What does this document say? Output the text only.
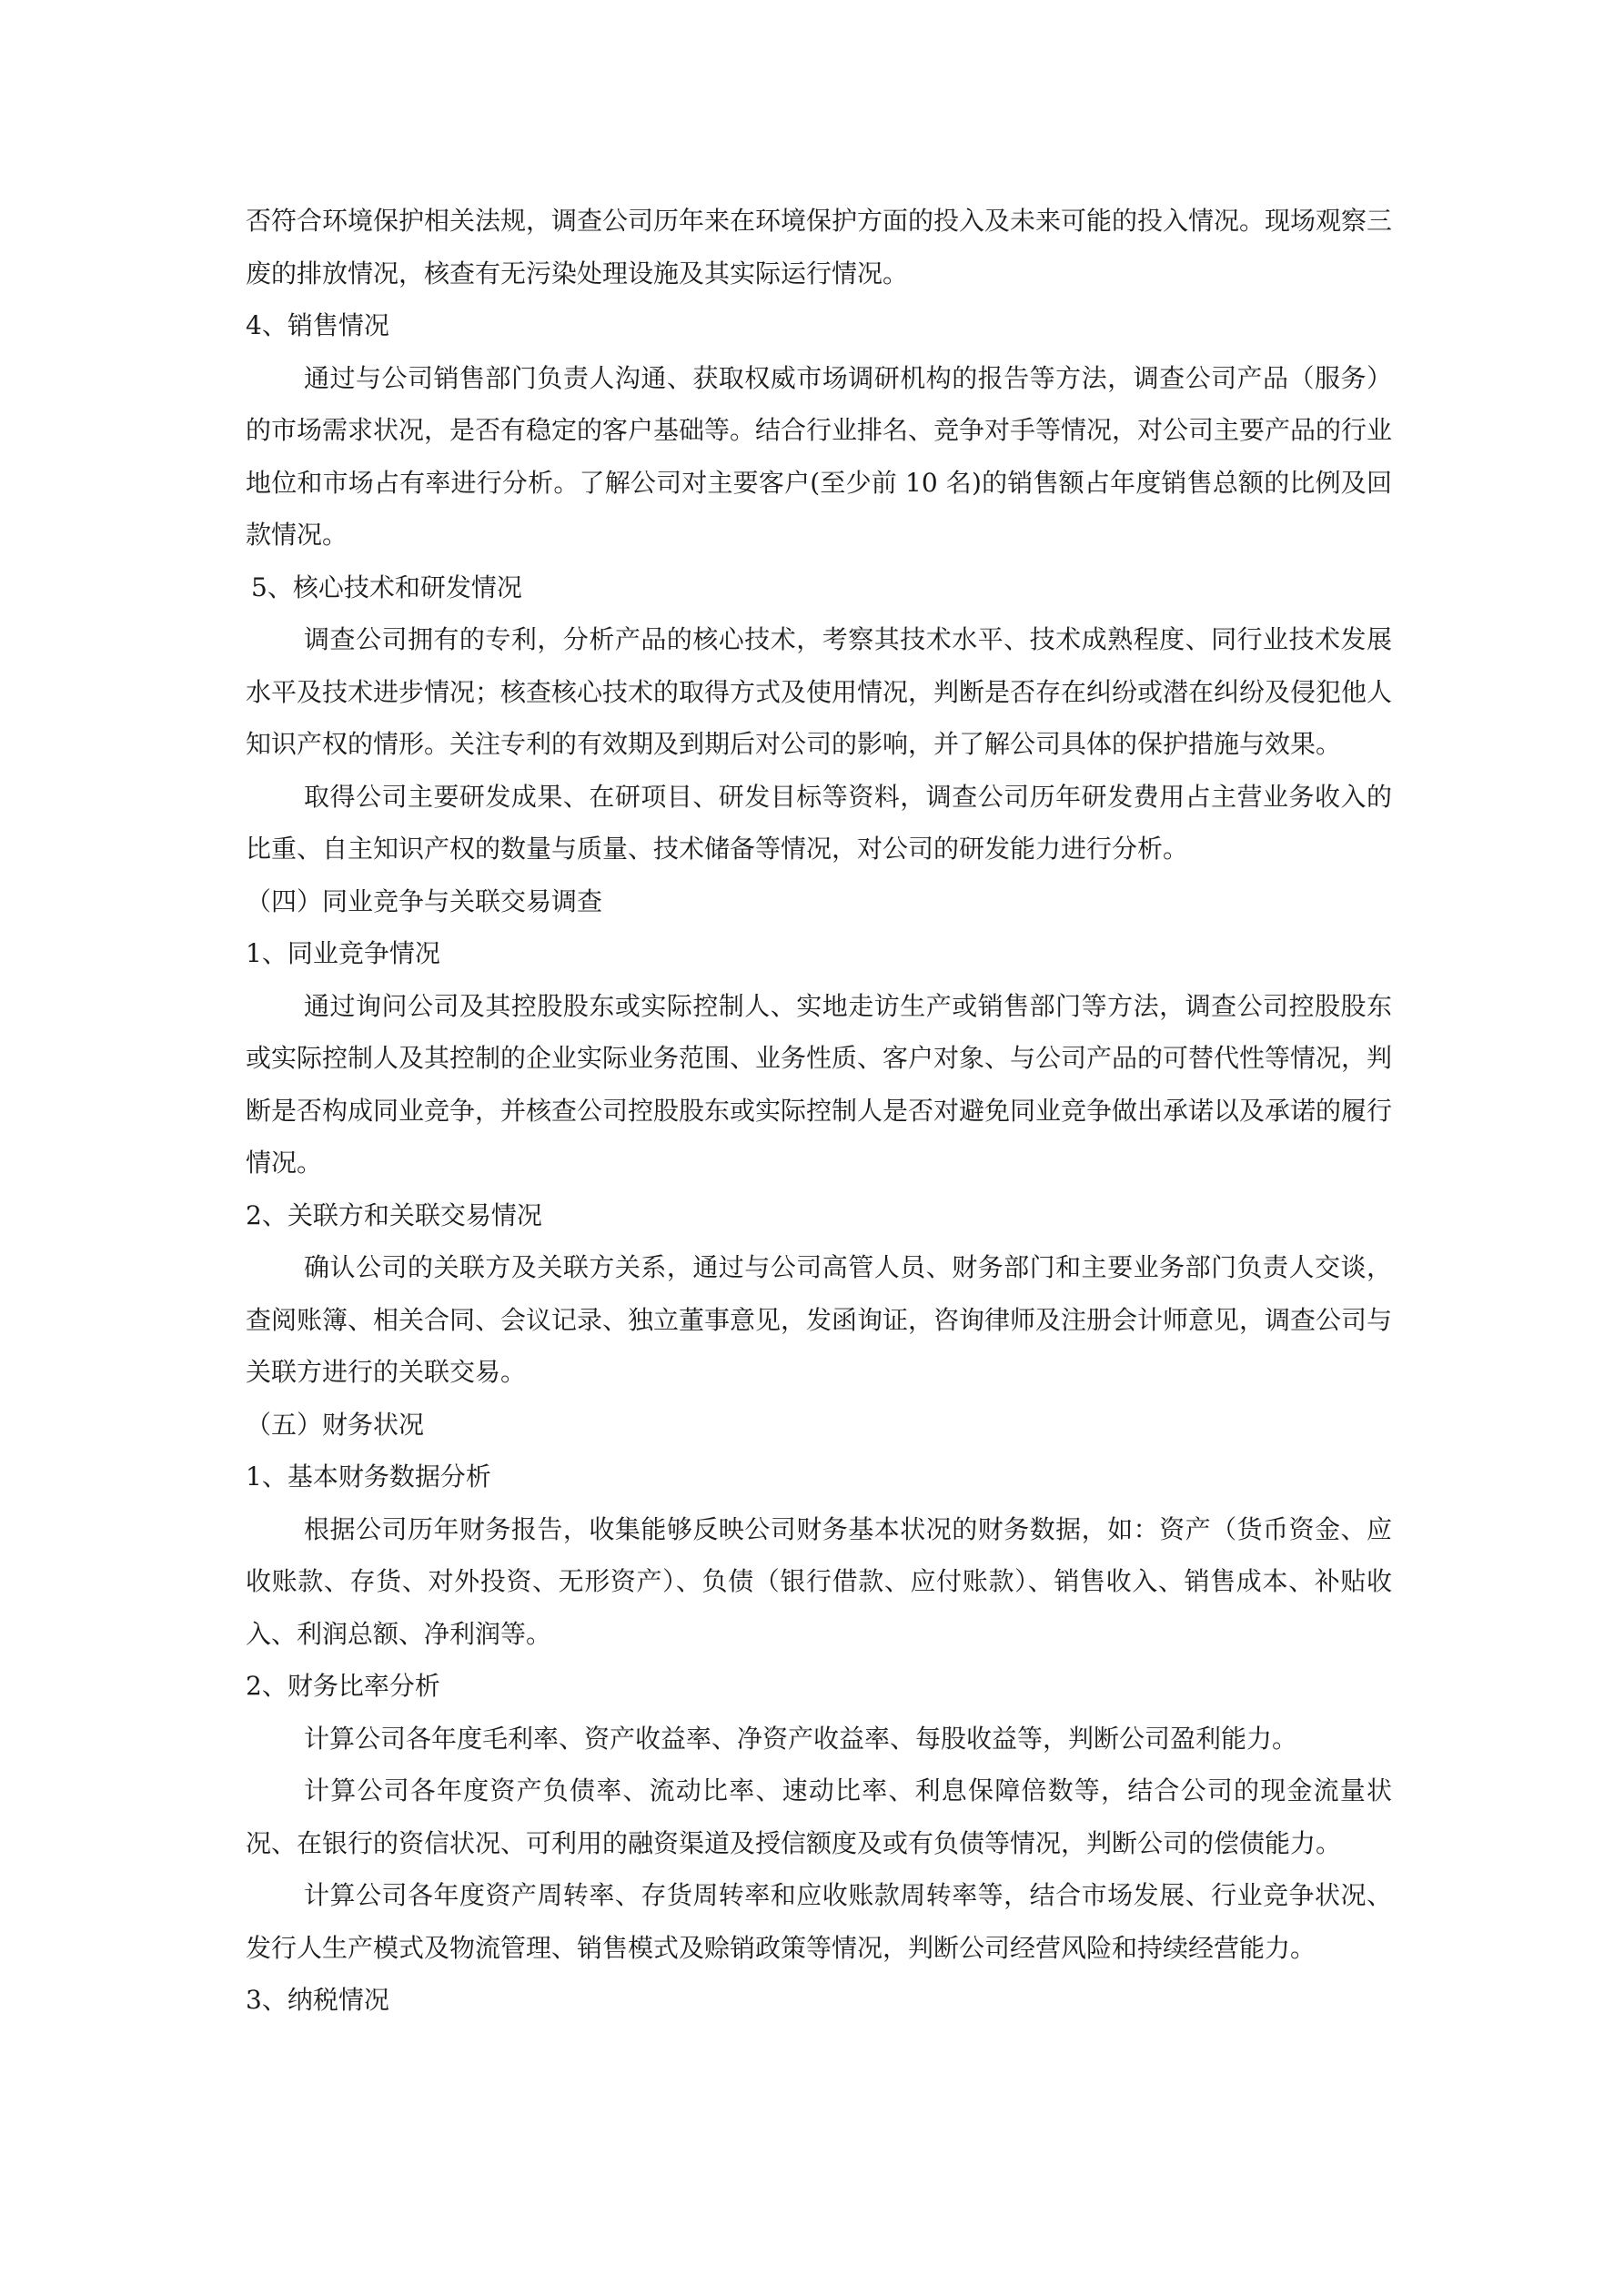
否符合环境保护相关法规，调查公司历年来在环境保护方面的投入及未来可能的投入情况。现场观察三废的排放情况，核查有无污染处理设施及其实际运行情况。

4、销售情况

通过与公司销售部门负责人沟通、获取权威市场调研机构的报告等方法，调查公司产品（服务）的市场需求状况，是否有稳定的客户基础等。结合行业排名、竞争对手等情况，对公司主要产品的行业地位和市场占有率进行分析。了解公司对主要客户(至少前 10 名)的销售额占年度销售总额的比例及回款情况。

5、核心技术和研发情况

调查公司拥有的专利，分析产品的核心技术，考察其技术水平、技术成熟程度、同行业技术发展水平及技术进步情况；核查核心技术的取得方式及使用情况，判断是否存在纠纷或潜在纠纷及侵犯他人知识产权的情形。关注专利的有效期及到期后对公司的影响，并了解公司具体的保护措施与效果。

取得公司主要研发成果、在研项目、研发目标等资料，调查公司历年研发费用占主营业务收入的比重、自主知识产权的数量与质量、技术储备等情况，对公司的研发能力进行分析。

（四）同业竞争与关联交易调查

1、同业竞争情况

通过询问公司及其控股股东或实际控制人、实地走访生产或销售部门等方法，调查公司控股股东或实际控制人及其控制的企业实际业务范围、业务性质、客户对象、与公司产品的可替代性等情况，判断是否构成同业竞争，并核查公司控股股东或实际控制人是否对避免同业竞争做出承诺以及承诺的履行情况。

2、关联方和关联交易情况

确认公司的关联方及关联方关系，通过与公司高管人员、财务部门和主要业务部门负责人交谈，查阅账簿、相关合同、会议记录、独立董事意见，发函询证，咨询律师及注册会计师意见，调查公司与关联方进行的关联交易。

（五）财务状况

1、基本财务数据分析

根据公司历年财务报告，收集能够反映公司财务基本状况的财务数据，如：资产（货币资金、应收账款、存货、对外投资、无形资产）、负债（银行借款、应付账款）、销售收入、销售成本、补贴收入、利润总额、净利润等。

2、财务比率分析

计算公司各年度毛利率、资产收益率、净资产收益率、每股收益等，判断公司盈利能力。

计算公司各年度资产负债率、流动比率、速动比率、利息保障倍数等，结合公司的现金流量状况、在银行的资信状况、可利用的融资渠道及授信额度及或有负债等情况，判断公司的偿债能力。

计算公司各年度资产周转率、存货周转率和应收账款周转率等，结合市场发展、行业竞争状况、发行人生产模式及物流管理、销售模式及赊销政策等情况，判断公司经营风险和持续经营能力。

3、纳税情况
